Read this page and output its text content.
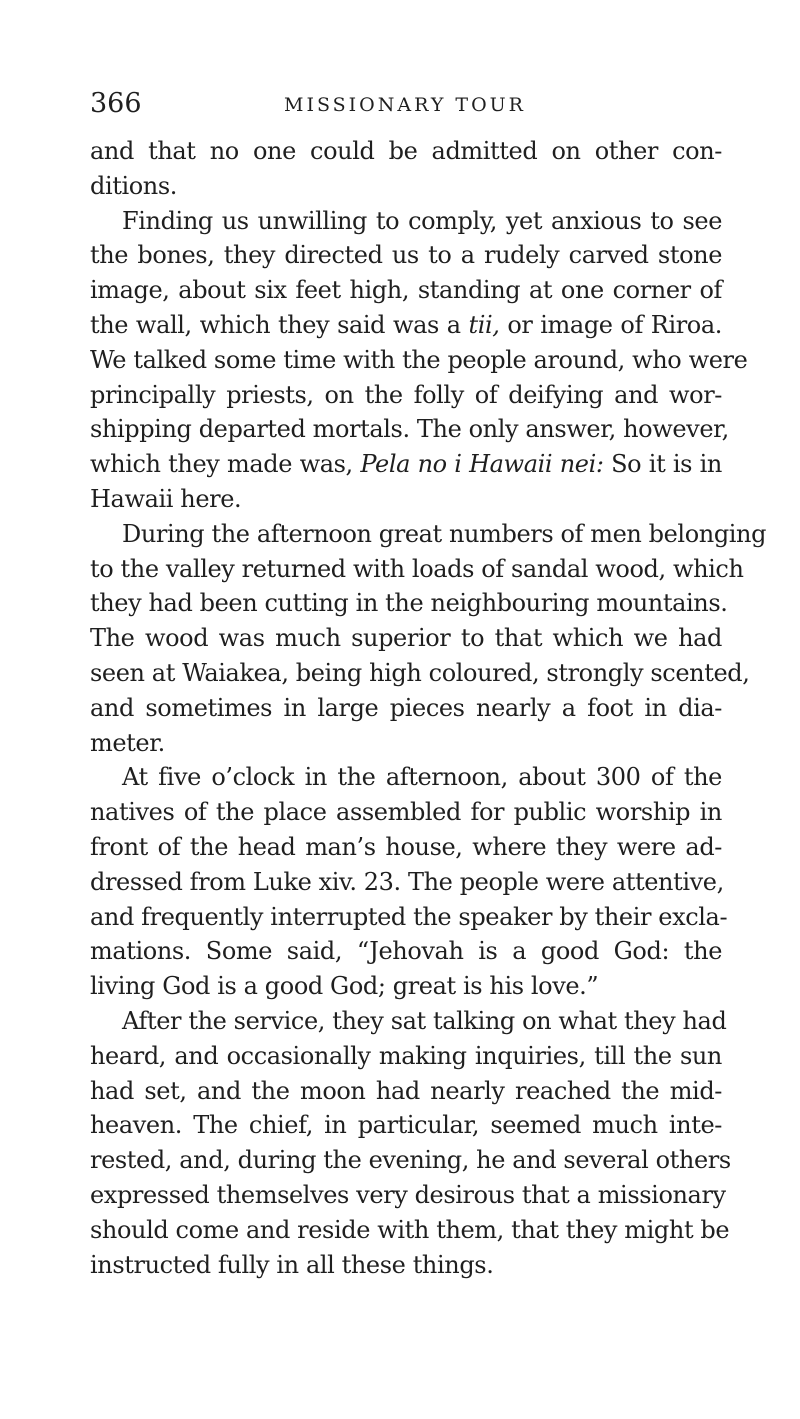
366	MISSIONARY TOUR
and that no one could be admitted on other con-
ditions.
Finding us unwilling to comply, yet anxious to see
the bones, they directed us to a rudely carved stone
image, about six feet high, standing at one corner of
the wall, which they said was a tii, or image of Riroa.
We talked some time with the people around, who were
principally priests, on the folly of deifying and wor-
shipping departed mortals. The only answer, however,
which they made was, Pela no i Hawaii nei: So it is in
Hawaii here.
During the afternoon great numbers of men belonging
to the valley returned with loads of sandal wood, which
they had been cutting in the neighbouring mountains.
The wood was much superior to that which we had
seen at Waiakea, being high coloured, strongly scented,
and sometimes in large pieces nearly a foot in dia-
meter.
At five o’clock in the afternoon, about 300 of the
natives of the place assembled for public worship in
front of the head man’s house, where they were ad-
dressed from Luke xiv. 23. The people were attentive,
and frequently interrupted the speaker by their excla-
mations. Some said, “Jehovah is a good God: the
living God is a good God; great is his love.”
After the service, they sat talking on what they had
heard, and occasionally making inquiries, till the sun
had set, and the moon had nearly reached the mid-
heaven. The chief, in particular, seemed much inte-
rested, and, during the evening, he and several others
expressed themselves very desirous that a missionary
should come and reside with them, that they might be
instructed fully in all these things.
